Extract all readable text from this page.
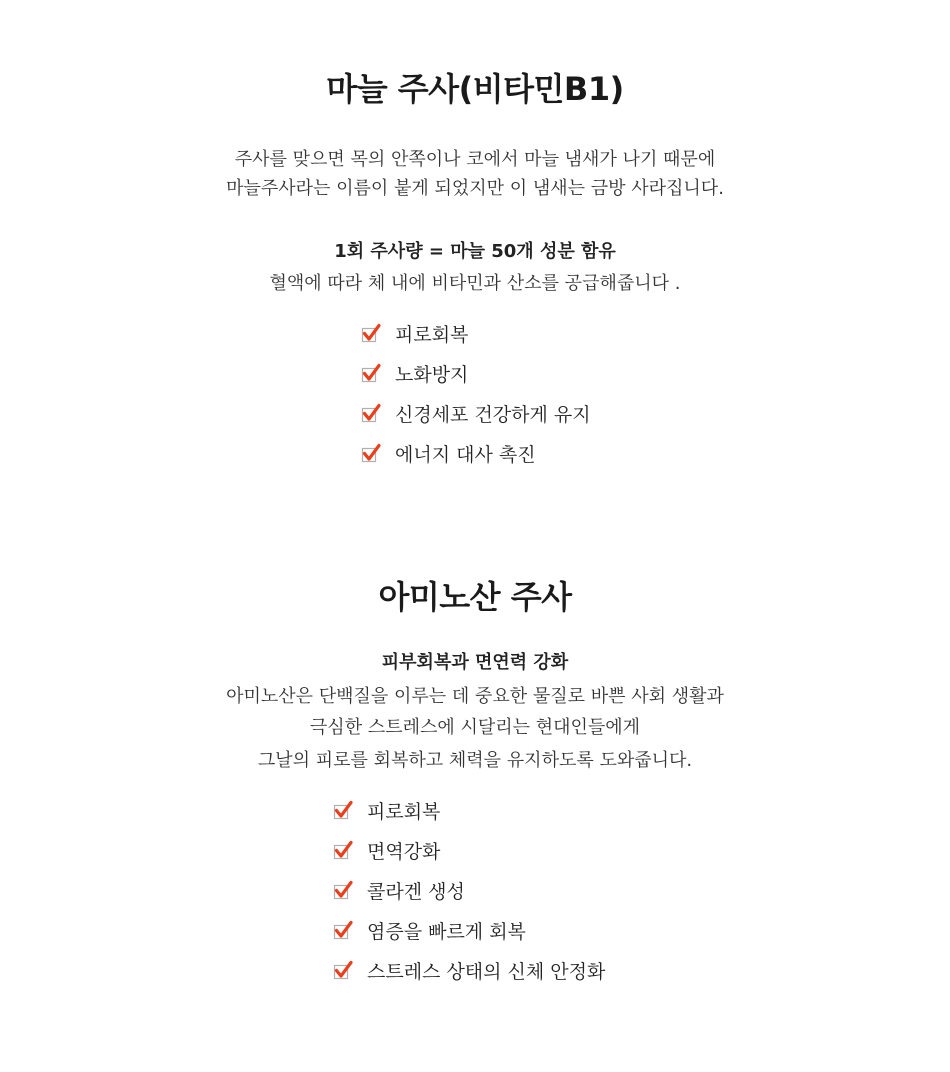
마늘 주사(비타민B1)

주사를 맞으면 목의 안쪽이나 코에서 마늘 냄새가 나기 때문에

마늘주사라는 이름이 붙게 되었지만 이 냄새는 금방 사라집니다.

1회 주사량 = 마늘 50개 성분 함유

혈액에 따라 체 내에 비타민과 산소를 공급해줍니다 .

피로회복
노화방지
신경세포 건강하게 유지
에너지 대사 촉진
아미노산 주사

피부회복과 면연력 강화

아미노산은 단백질을 이루는 데 중요한 물질로 바쁜 사회 생활과

극심한 스트레스에 시달리는 현대인들에게

그날의 피로를 회복하고 체력을 유지하도록 도와줍니다.

피로회복
면역강화
콜라겐 생성
염증을 빠르게 회복
스트레스 상태의 신체 안정화
